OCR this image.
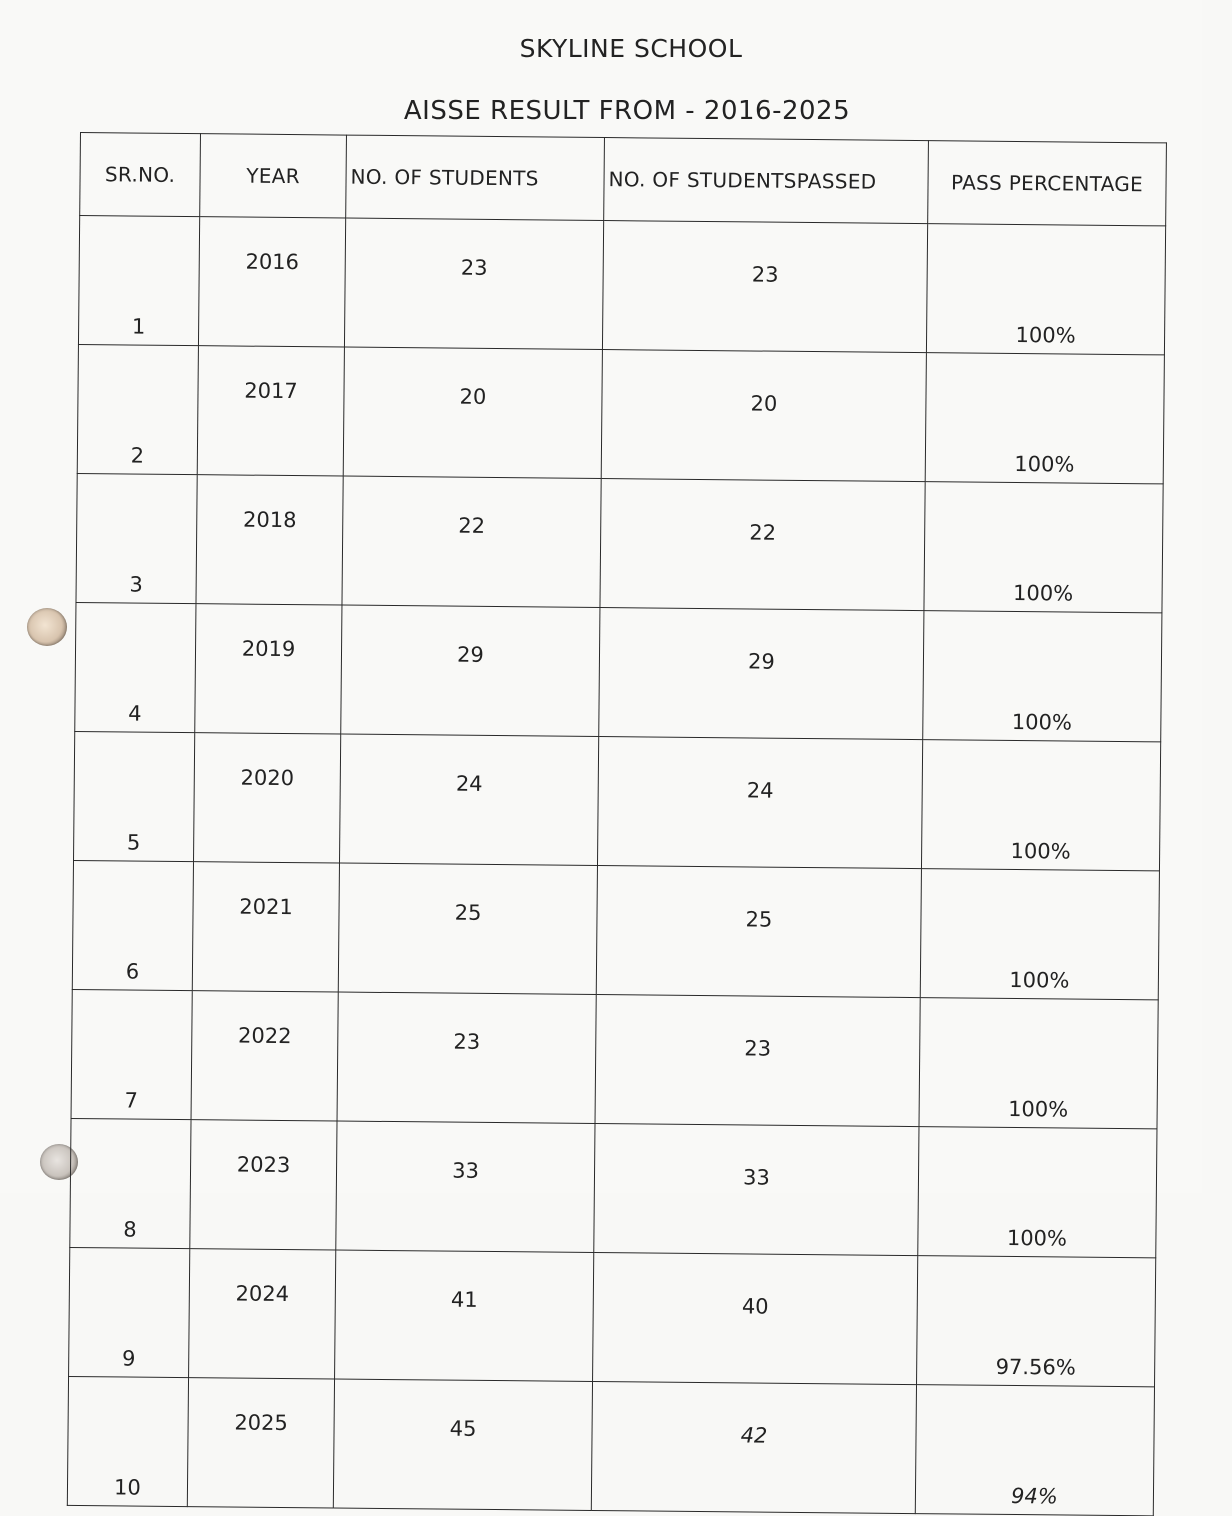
SKYLINE SCHOOL
AISSE RESULT FROM - 2016-2025
SR.NO.	YEAR	NO. OF STUDENTS	NO. OF STUDENTSPASSED	PASS PERCENTAGE
1	2016	23	23	100%
2	2017	20	20	100%
3	2018	22	22	100%
4	2019	29	29	100%
5	2020	24	24	100%
6	2021	25	25	100%
7	2022	23	23	100%
8	2023	33	33	100%
9	2024	41	40	97.56%
10	2025	45	42	94%
